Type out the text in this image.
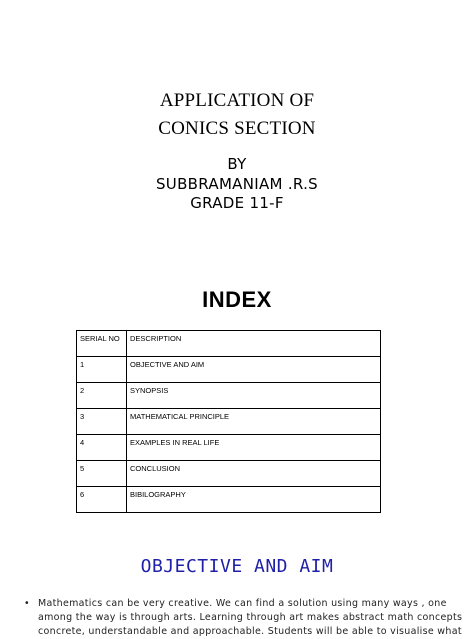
APPLICATION OF
CONICS SECTION
BY
SUBBRAMANIAM .R.S
GRADE 11-F
INDEX
SERIAL NO	DESCRIPTION
1	OBJECTIVE AND AIM
2	SYNOPSIS
3	MATHEMATICAL PRINCIPLE
4	EXAMPLES IN REAL LIFE
5	CONCLUSION
6	BIBILOGRAPHY
OBJECTIVE AND AIM
• Mathematics can be very creative. We can find a solution using many ways , one among the way is through arts. Learning through art makes abstract math concepts concrete, understandable and approachable. Students will be able to visualise what
